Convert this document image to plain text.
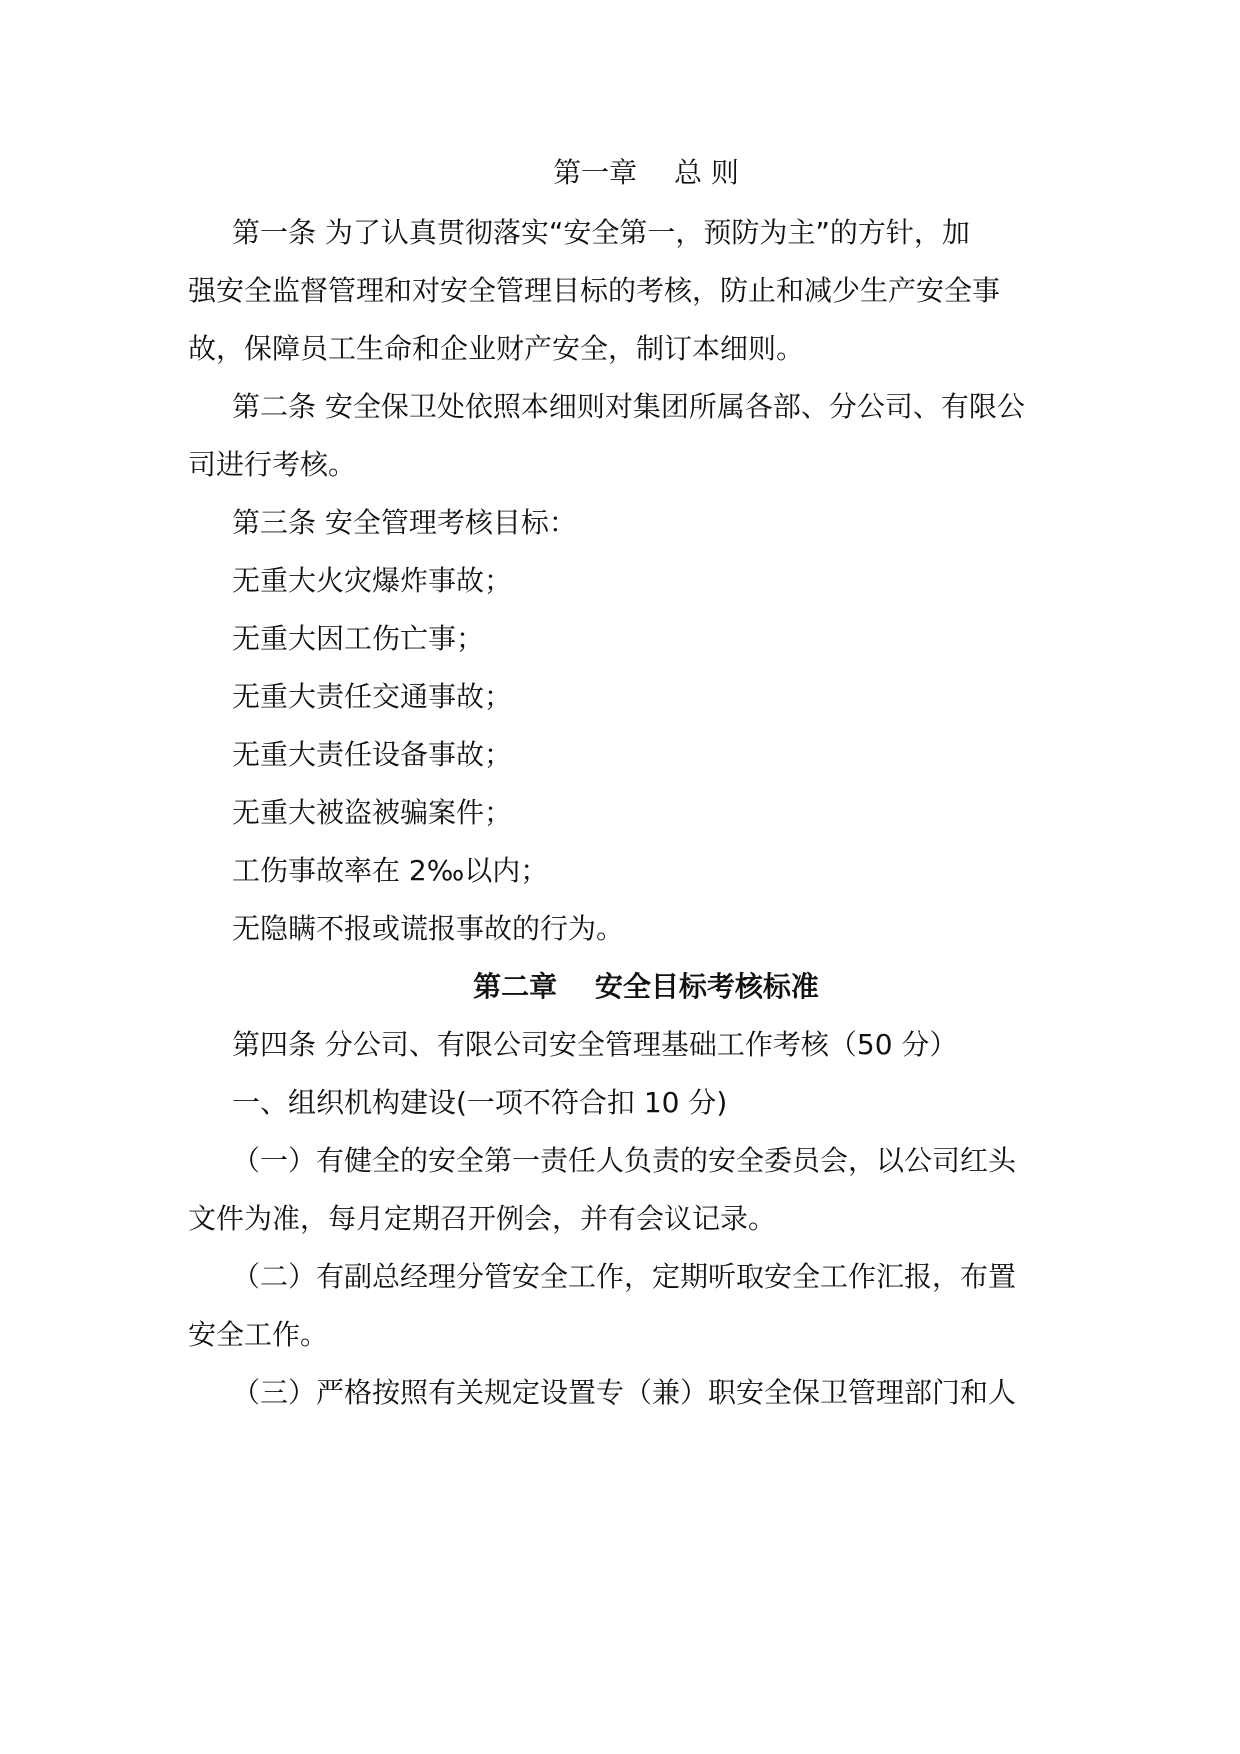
第一章　 总 则
第一条 为了认真贯彻落实“安全第一，预防为主”的方针，加
强安全监督管理和对安全管理目标的考核，防止和减少生产安全事
故，保障员工生命和企业财产安全，制订本细则。
第二条 安全保卫处依照本细则对集团所属各部、分公司、有限公
司进行考核。
第三条 安全管理考核目标：
无重大火灾爆炸事故；
无重大因工伤亡事；
无重大责任交通事故；
无重大责任设备事故；
无重大被盗被骗案件；
工伤事故率在 2‰以内；
无隐瞒不报或谎报事故的行为。
第二章　 安全目标考核标准
第四条 分公司、有限公司安全管理基础工作考核（50 分）
一、组织机构建设(一项不符合扣 10 分)
（一）有健全的安全第一责任人负责的安全委员会，以公司红头
文件为准，每月定期召开例会，并有会议记录。
（二）有副总经理分管安全工作，定期听取安全工作汇报，布置
安全工作。
（三）严格按照有关规定设置专（兼）职安全保卫管理部门和人
